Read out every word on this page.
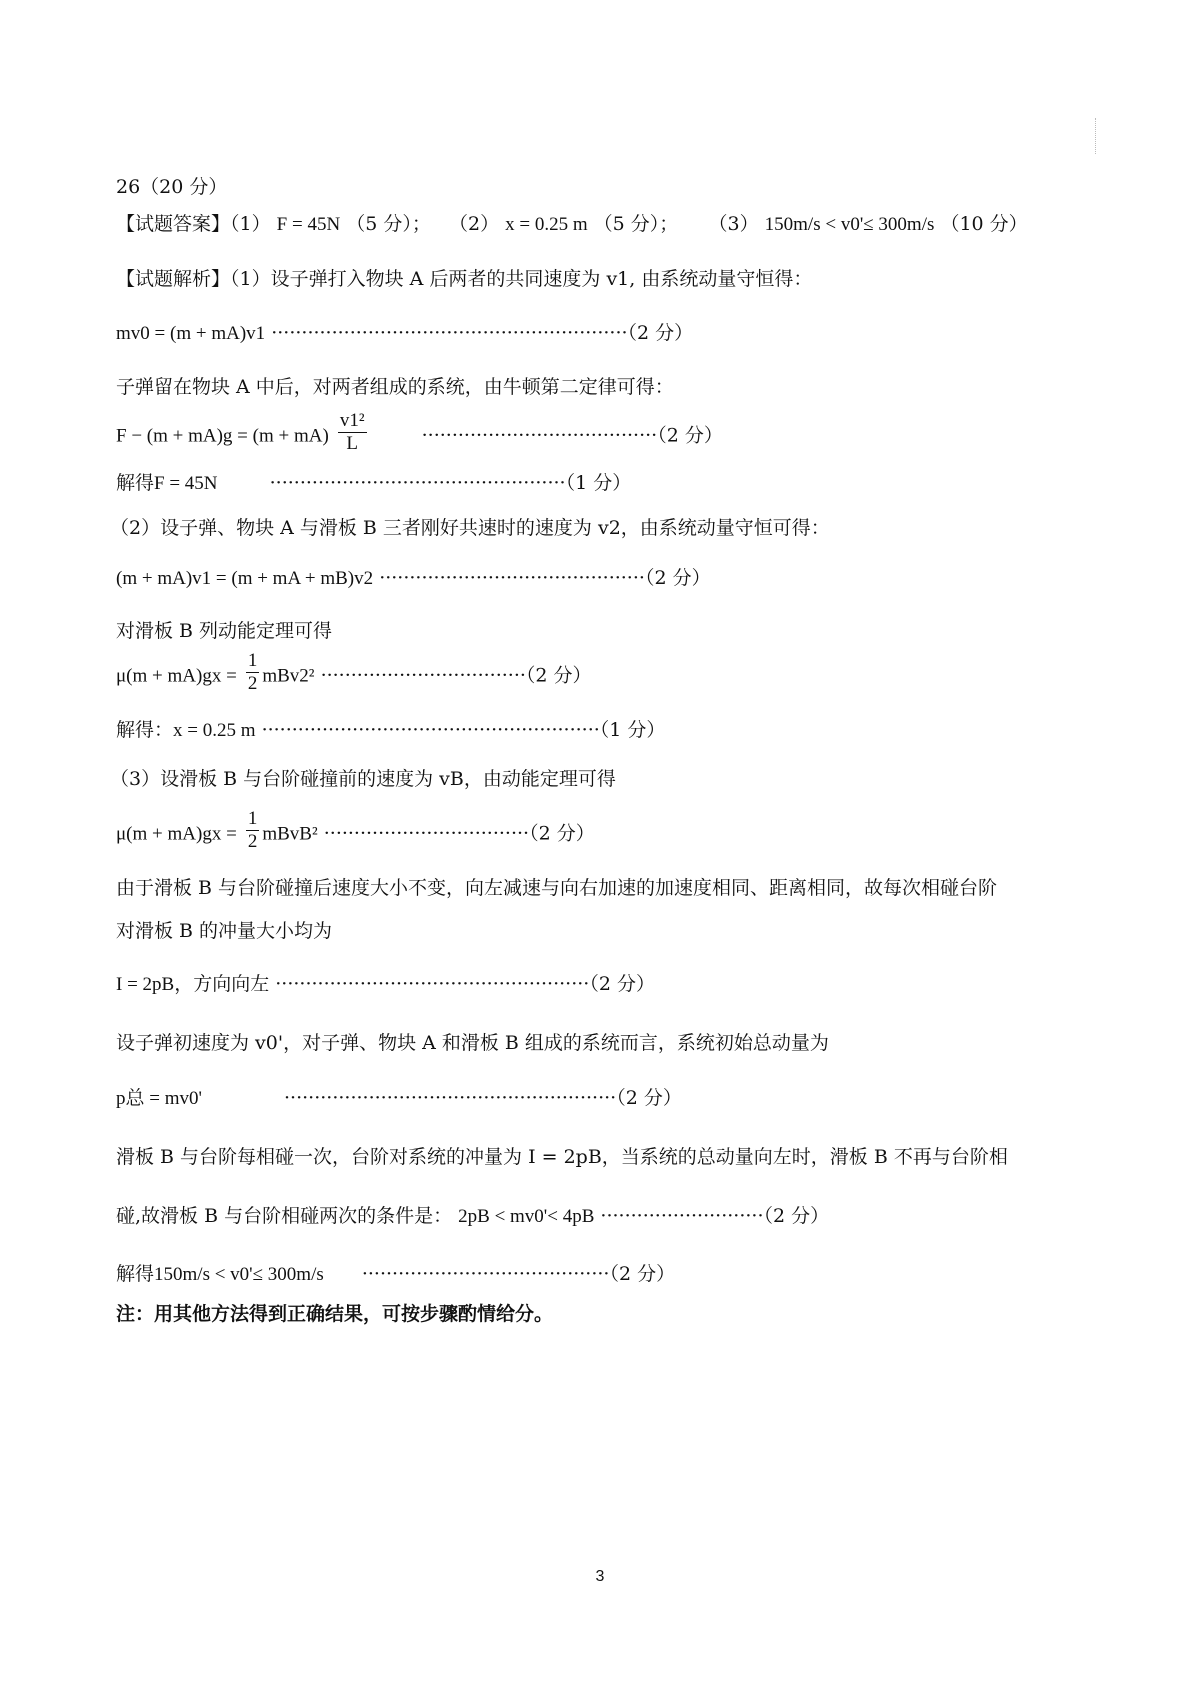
26（20 分）
【试题答案】（1） F = 45N （5 分）； （2） x = 0.25 m （5 分）； （3） 150m/s < v0'≤ 300m/s （10 分）
【试题解析】（1）设子弹打入物块 A 后两者的共同速度为 v1, 由系统动量守恒得：
mv0 = (m + mA)v1 ···························································（2 分）
子弹留在物块 A 中后，对两者组成的系统，由牛顿第二定律可得：
$F - (m + mA)g = (m + mA) \frac{\text{v1²}}{L}$	·······································（2 分）
解得F = 45N	·················································（1 分）
（2）设子弹、物块 A 与滑板 B 三者刚好共速时的速度为 v2，由系统动量守恒可得：
(m + mA)v1 = (m + mA + mB)v2 ············································（2 分）
对滑板 B 列动能定理可得
$\mu(m + mA)gx = \frac{1}{2} mBv2^2 \cdot\cdot\cdot\cdot\cdot\cdot\cdot\cdot\cdot\cdot\cdot\cdot\cdot\cdot\cdot\cdot\cdot\cdot\cdot\cdot\cdot\cdot\cdot\cdot\cdot\cdot\cdot\cdot\cdot\cdot\cdot\cdot\cdot\cdot(2$ 分）
解得：x = 0.25 m ························································（1 分）
（3）设滑板 B 与台阶碰撞前的速度为 vB，由动能定理可得
$\mu(m + mA)gx = \frac{1}{2}$ mBvB² ··································（2 分）
由于滑板 B 与台阶碰撞后速度大小不变，向左减速与向右加速的加速度相同、距离相同，故每次相碰台阶
对滑板 B 的冲量大小均为
I = 2pB，方向向左 ····················································（2 分）
设子弹初速度为 v0'，对子弹、物块 A 和滑板 B 组成的系统而言，系统初始总动量为
p总 = mv0'	·······················································（2 分）
滑板 B 与台阶每相碰一次，台阶对系统的冲量为 I = 2pB，当系统的总动量向左时，滑板 B 不再与台阶相
碰,故滑板 B 与台阶相碰两次的条件是： 2pB < mv0'< 4pB ···························（2 分）
解得150m/s < v0'≤ 300m/s ·········································（2 分）
注：用其他方法得到正确结果，可按步骤酌情给分。
3
